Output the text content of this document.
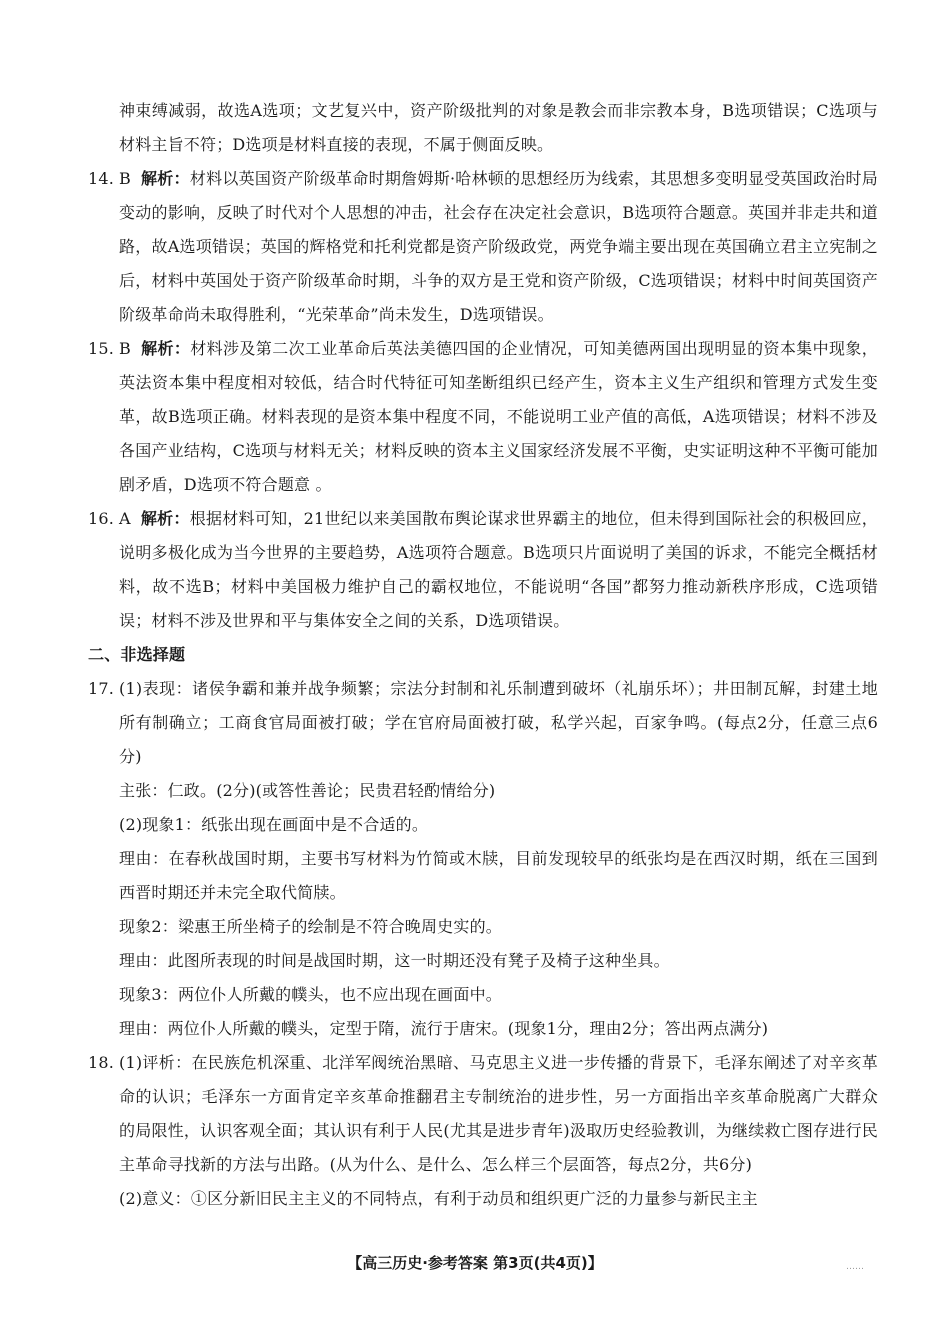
神束缚减弱，故选A选项；文艺复兴中，资产阶级批判的对象是教会而非宗教本身，B选项错误；C选项与材料主旨不符；D选项是材料直接的表现，不属于侧面反映。

14. B 解析：材料以英国资产阶级革命时期詹姆斯·哈林顿的思想经历为线索，其思想多变明显受英国政治时局变动的影响，反映了时代对个人思想的冲击，社会存在决定社会意识，B选项符合题意。英国并非走共和道路，故A选项错误；英国的辉格党和托利党都是资产阶级政党，两党争端主要出现在英国确立君主立宪制之后，材料中英国处于资产阶级革命时期，斗争的双方是王党和资产阶级，C选项错误；材料中时间英国资产阶级革命尚未取得胜利，“光荣革命”尚未发生，D选项错误。
15. B 解析：材料涉及第二次工业革命后英法美德四国的企业情况，可知美德两国出现明显的资本集中现象，英法资本集中程度相对较低，结合时代特征可知垄断组织已经产生，资本主义生产组织和管理方式发生变革，故B选项正确。材料表现的是资本集中程度不同，不能说明工业产值的高低，A选项错误；材料不涉及各国产业结构，C选项与材料无关；材料反映的资本主义国家经济发展不平衡，史实证明这种不平衡可能加剧矛盾，D选项不符合题意 。
16. A 解析：根据材料可知，21世纪以来美国散布舆论谋求世界霸主的地位，但未得到国际社会的积极回应，说明多极化成为当今世界的主要趋势，A选项符合题意。B选项只片面说明了美国的诉求，不能完全概括材料，故不选B；材料中美国极力维护自己的霸权地位，不能说明“各国”都努力推动新秩序形成，C选项错误；材料不涉及世界和平与集体安全之间的关系，D选项错误。

二、非选择题

17. (1)表现：诸侯争霸和兼并战争频繁；宗法分封制和礼乐制遭到破坏（礼崩乐坏）；井田制瓦解，封建土地所有制确立；工商食官局面被打破；学在官府局面被打破，私学兴起，百家争鸣。(每点2分，任意三点6分)

主张：仁政。(2分)(或答性善论；民贵君轻酌情给分)

(2)现象1：纸张出现在画面中是不合适的。

理由：在春秋战国时期，主要书写材料为竹简或木牍，目前发现较早的纸张均是在西汉时期，纸在三国到西晋时期还并未完全取代简牍。

现象2：梁惠王所坐椅子的绘制是不符合晚周史实的。

理由：此图所表现的时间是战国时期，这一时期还没有凳子及椅子这种坐具。

现象3：两位仆人所戴的幞头，也不应出现在画面中。

理由：两位仆人所戴的幞头，定型于隋，流行于唐宋。(现象1分，理由2分；答出两点满分)

18. (1)评析：在民族危机深重、北洋军阀统治黑暗、马克思主义进一步传播的背景下，毛泽东阐述了对辛亥革命的认识；毛泽东一方面肯定辛亥革命推翻君主专制统治的进步性，另一方面指出辛亥革命脱离广大群众的局限性，认识客观全面；其认识有利于人民(尤其是进步青年)汲取历史经验教训，为继续救亡图存进行民主革命寻找新的方法与出路。(从为什么、是什么、怎么样三个层面答，每点2分，共6分)

(2)意义：①区分新旧民主主义的不同特点，有利于动员和组织更广泛的力量参与新民主主

【高三历史·参考答案 第3页(共4页)】	……
